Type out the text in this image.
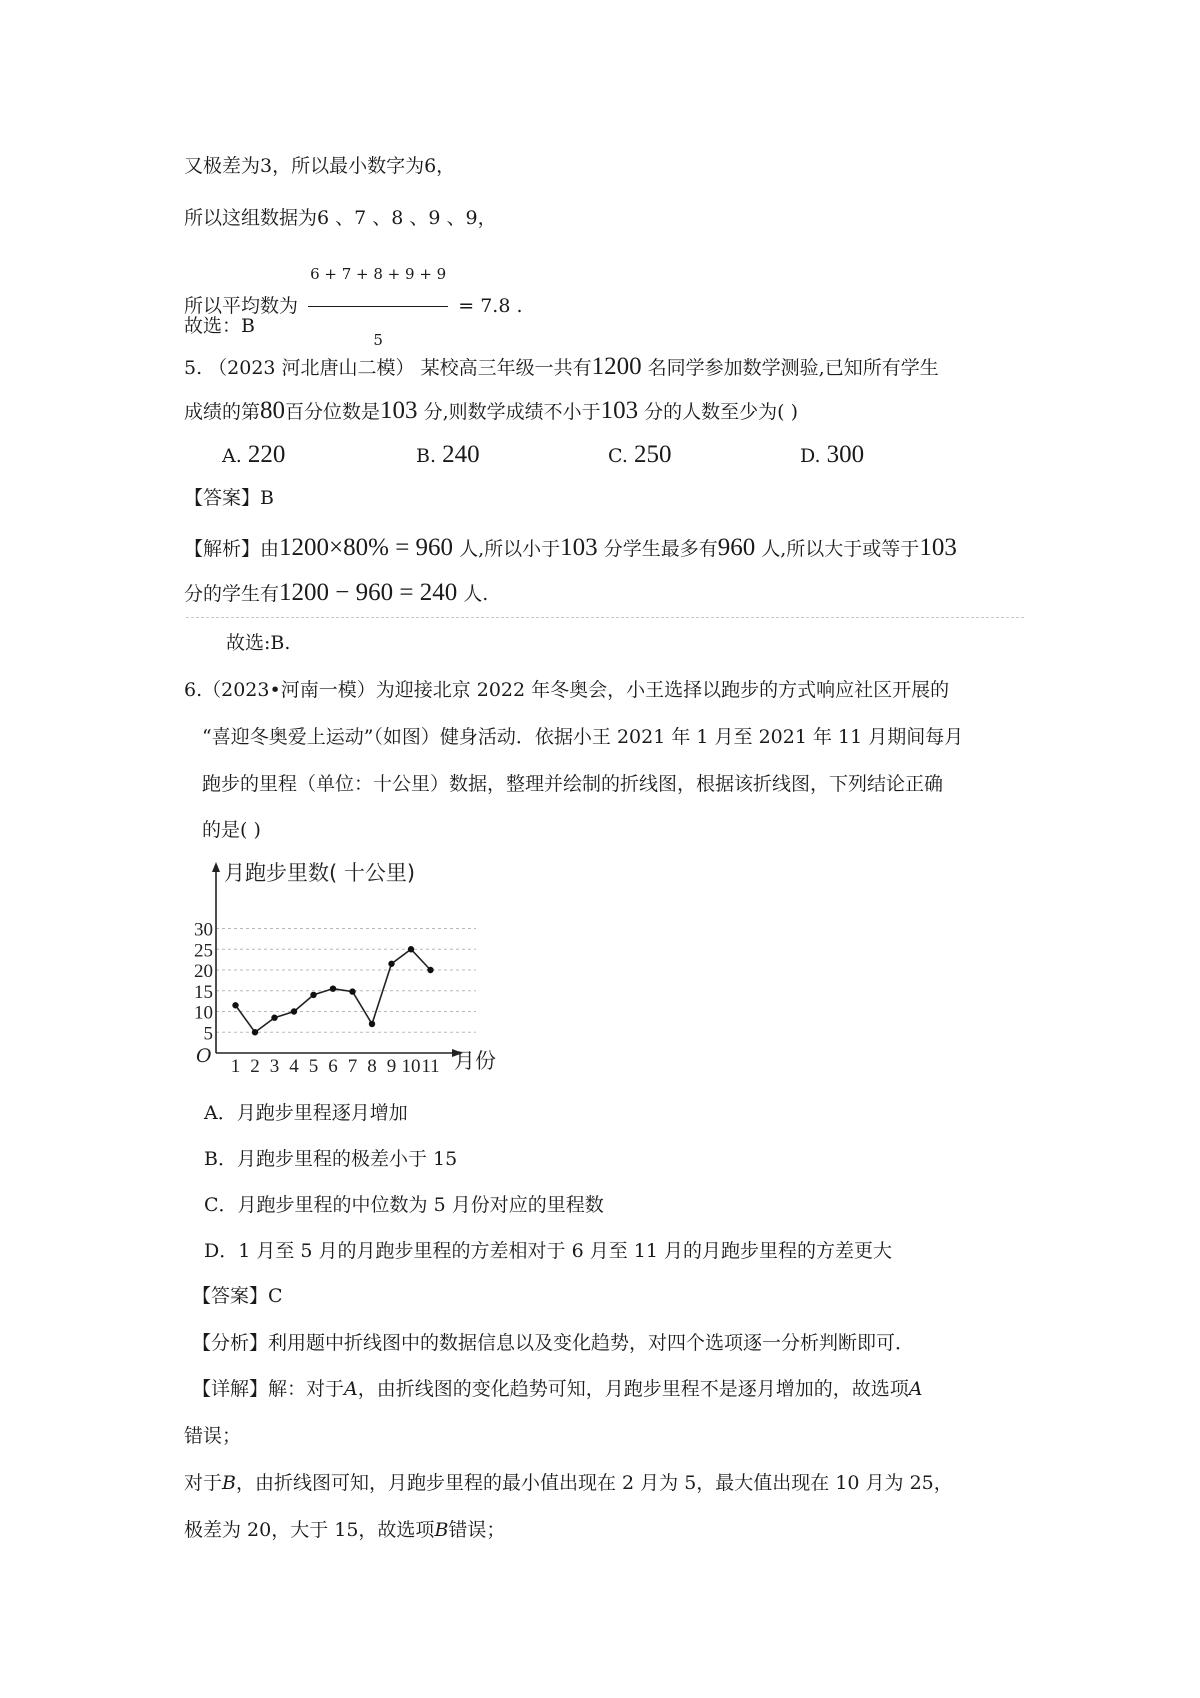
又极差为3，所以最小数字为6，
所以这组数据为6 、7 、8 、9 、9，
所以平均数为 $\frac{6 + 7 + 8 + 9 + 9}{5} = 7.8$ .
故选：B
5. （2023 河北唐山二模） 某校高三年级一共有1200 名同学参加数学测验,已知所有学生
成绩的第80百分位数是103 分,则数学成绩不小于103 分的人数至少为( )
A. 220	B. 240	C. 250	D. 300
【答案】B
【解析】由1200×80% = 960 人,所以小于103 分学生最多有960 人,所以大于或等于103
分的学生有1200 − 960 = 240 人.
故选:B.
6.（2023•河南一模）为迎接北京 2022 年冬奥会，小王选择以跑步的方式响应社区开展的
“喜迎冬奥爱上运动”（如图）健身活动．依据小王 2021 年 1 月至 2021 年 11 月期间每月
跑步的里程（单位：十公里）数据，整理并绘制的折线图，根据该折线图，下列结论正确
的是( )
5
10
15
20
25
30
1 2 3 4 5 6 7 8 9 10 11
月跑步里数( 十公里)
月份
O
A．月跑步里程逐月增加
B．月跑步里程的极差小于 15
C．月跑步里程的中位数为 5 月份对应的里程数
D．1 月至 5 月的月跑步里程的方差相对于 6 月至 11 月的月跑步里程的方差更大
【答案】C
【分析】利用题中折线图中的数据信息以及变化趋势，对四个选项逐一分析判断即可．
【详解】解：对于A，由折线图的变化趋势可知，月跑步里程不是逐月增加的，故选项A
错误；
对于B，由折线图可知，月跑步里程的最小值出现在 2 月为 5，最大值出现在 10 月为 25，
极差为 20，大于 15，故选项B错误；
